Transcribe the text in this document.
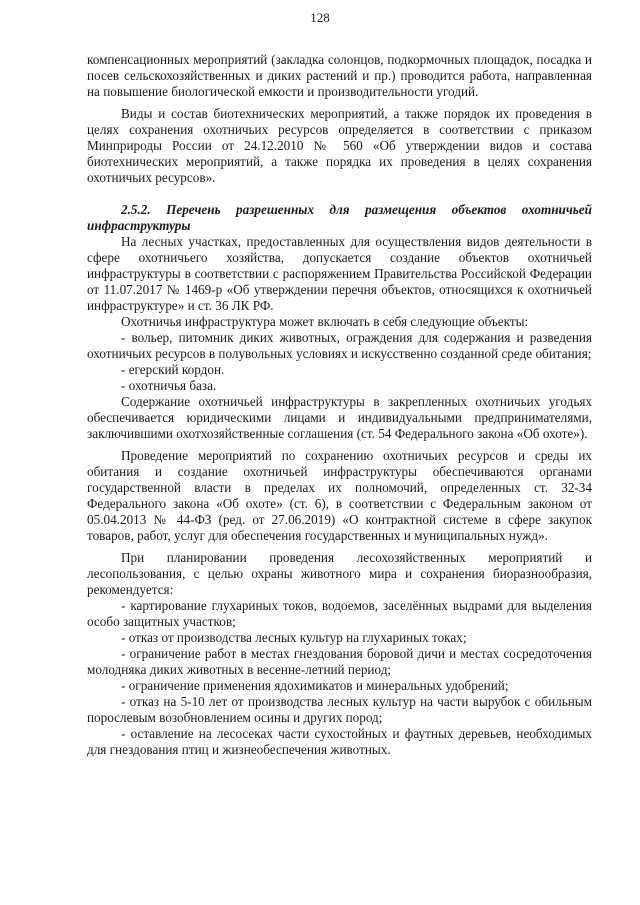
128

компенсационных мероприятий (закладка солонцов, подкормочных площадок, посадка и посев сельскохозяйственных и диких растений и пр.) проводится работа, направленная на повышение биологической емкости и производительности угодий.

Виды и состав биотехнических мероприятий, а также порядок их проведения в целях сохранения охотничьих ресурсов определяется в соответствии с приказом Минприроды России от 24.12.2010 № 560 «Об утверждении видов и состава биотехнических мероприятий, а также порядка их проведения в целях сохранения охотничьих ресурсов».

2.5.2. Перечень разрешенных для размещения объектов охотничьей инфраструктуры

На лесных участках, предоставленных для осуществления видов деятельности в сфере охотничьего хозяйства, допускается создание объектов охотничьей инфраструктуры в соответствии с распоряжением Правительства Российской Федерации от 11.07.2017 № 1469-р «Об утверждении перечня объектов, относящихся к охотничьей инфраструктуре» и ст. 36 ЛК РФ.

Охотничья инфраструктура может включать в себя следующие объекты:

- вольер, питомник диких животных, ограждения для содержания и разведения охотничьих ресурсов в полувольных условиях и искусственно созданной среде обитания;

- егерский кордон.

- охотничья база.

Содержание охотничьей инфраструктуры в закрепленных охотничьих угодьях обеспечивается юридическими лицами и индивидуальными предпринимателями, заключившими охотхозяйственные соглашения (ст. 54 Федерального закона «Об охоте»).

Проведение мероприятий по сохранению охотничьих ресурсов и среды их обитания и создание охотничьей инфраструктуры обеспечиваются органами государственной власти в пределах их полномочий, определенных ст. 32-34 Федерального закона «Об охоте» (ст. 6), в соответствии с Федеральным законом от 05.04.2013 № 44-ФЗ (ред. от 27.06.2019) «О контрактной системе в сфере закупок товаров, работ, услуг для обеспечения государственных и муниципальных нужд».

При планировании проведения лесохозяйственных мероприятий и лесопользования, с целью охраны животного мира и сохранения биоразнообразия, рекомендуется:

- картирование глухариных токов, водоемов, заселённых выдрами для выделения особо защитных участков;

- отказ от производства лесных культур на глухариных токах;

- ограничение работ в местах гнездования боровой дичи и местах сосредоточения молодняка диких животных в весенне-летний период;

- ограничение применения ядохимикатов и минеральных удобрений;

- отказ на 5-10 лет от производства лесных культур на части вырубок с обильным порослевым возобновлением осины и других пород;

- оставление на лесосеках части сухостойных и фаутных деревьев, необходимых для гнездования птиц и жизнеобеспечения животных.
